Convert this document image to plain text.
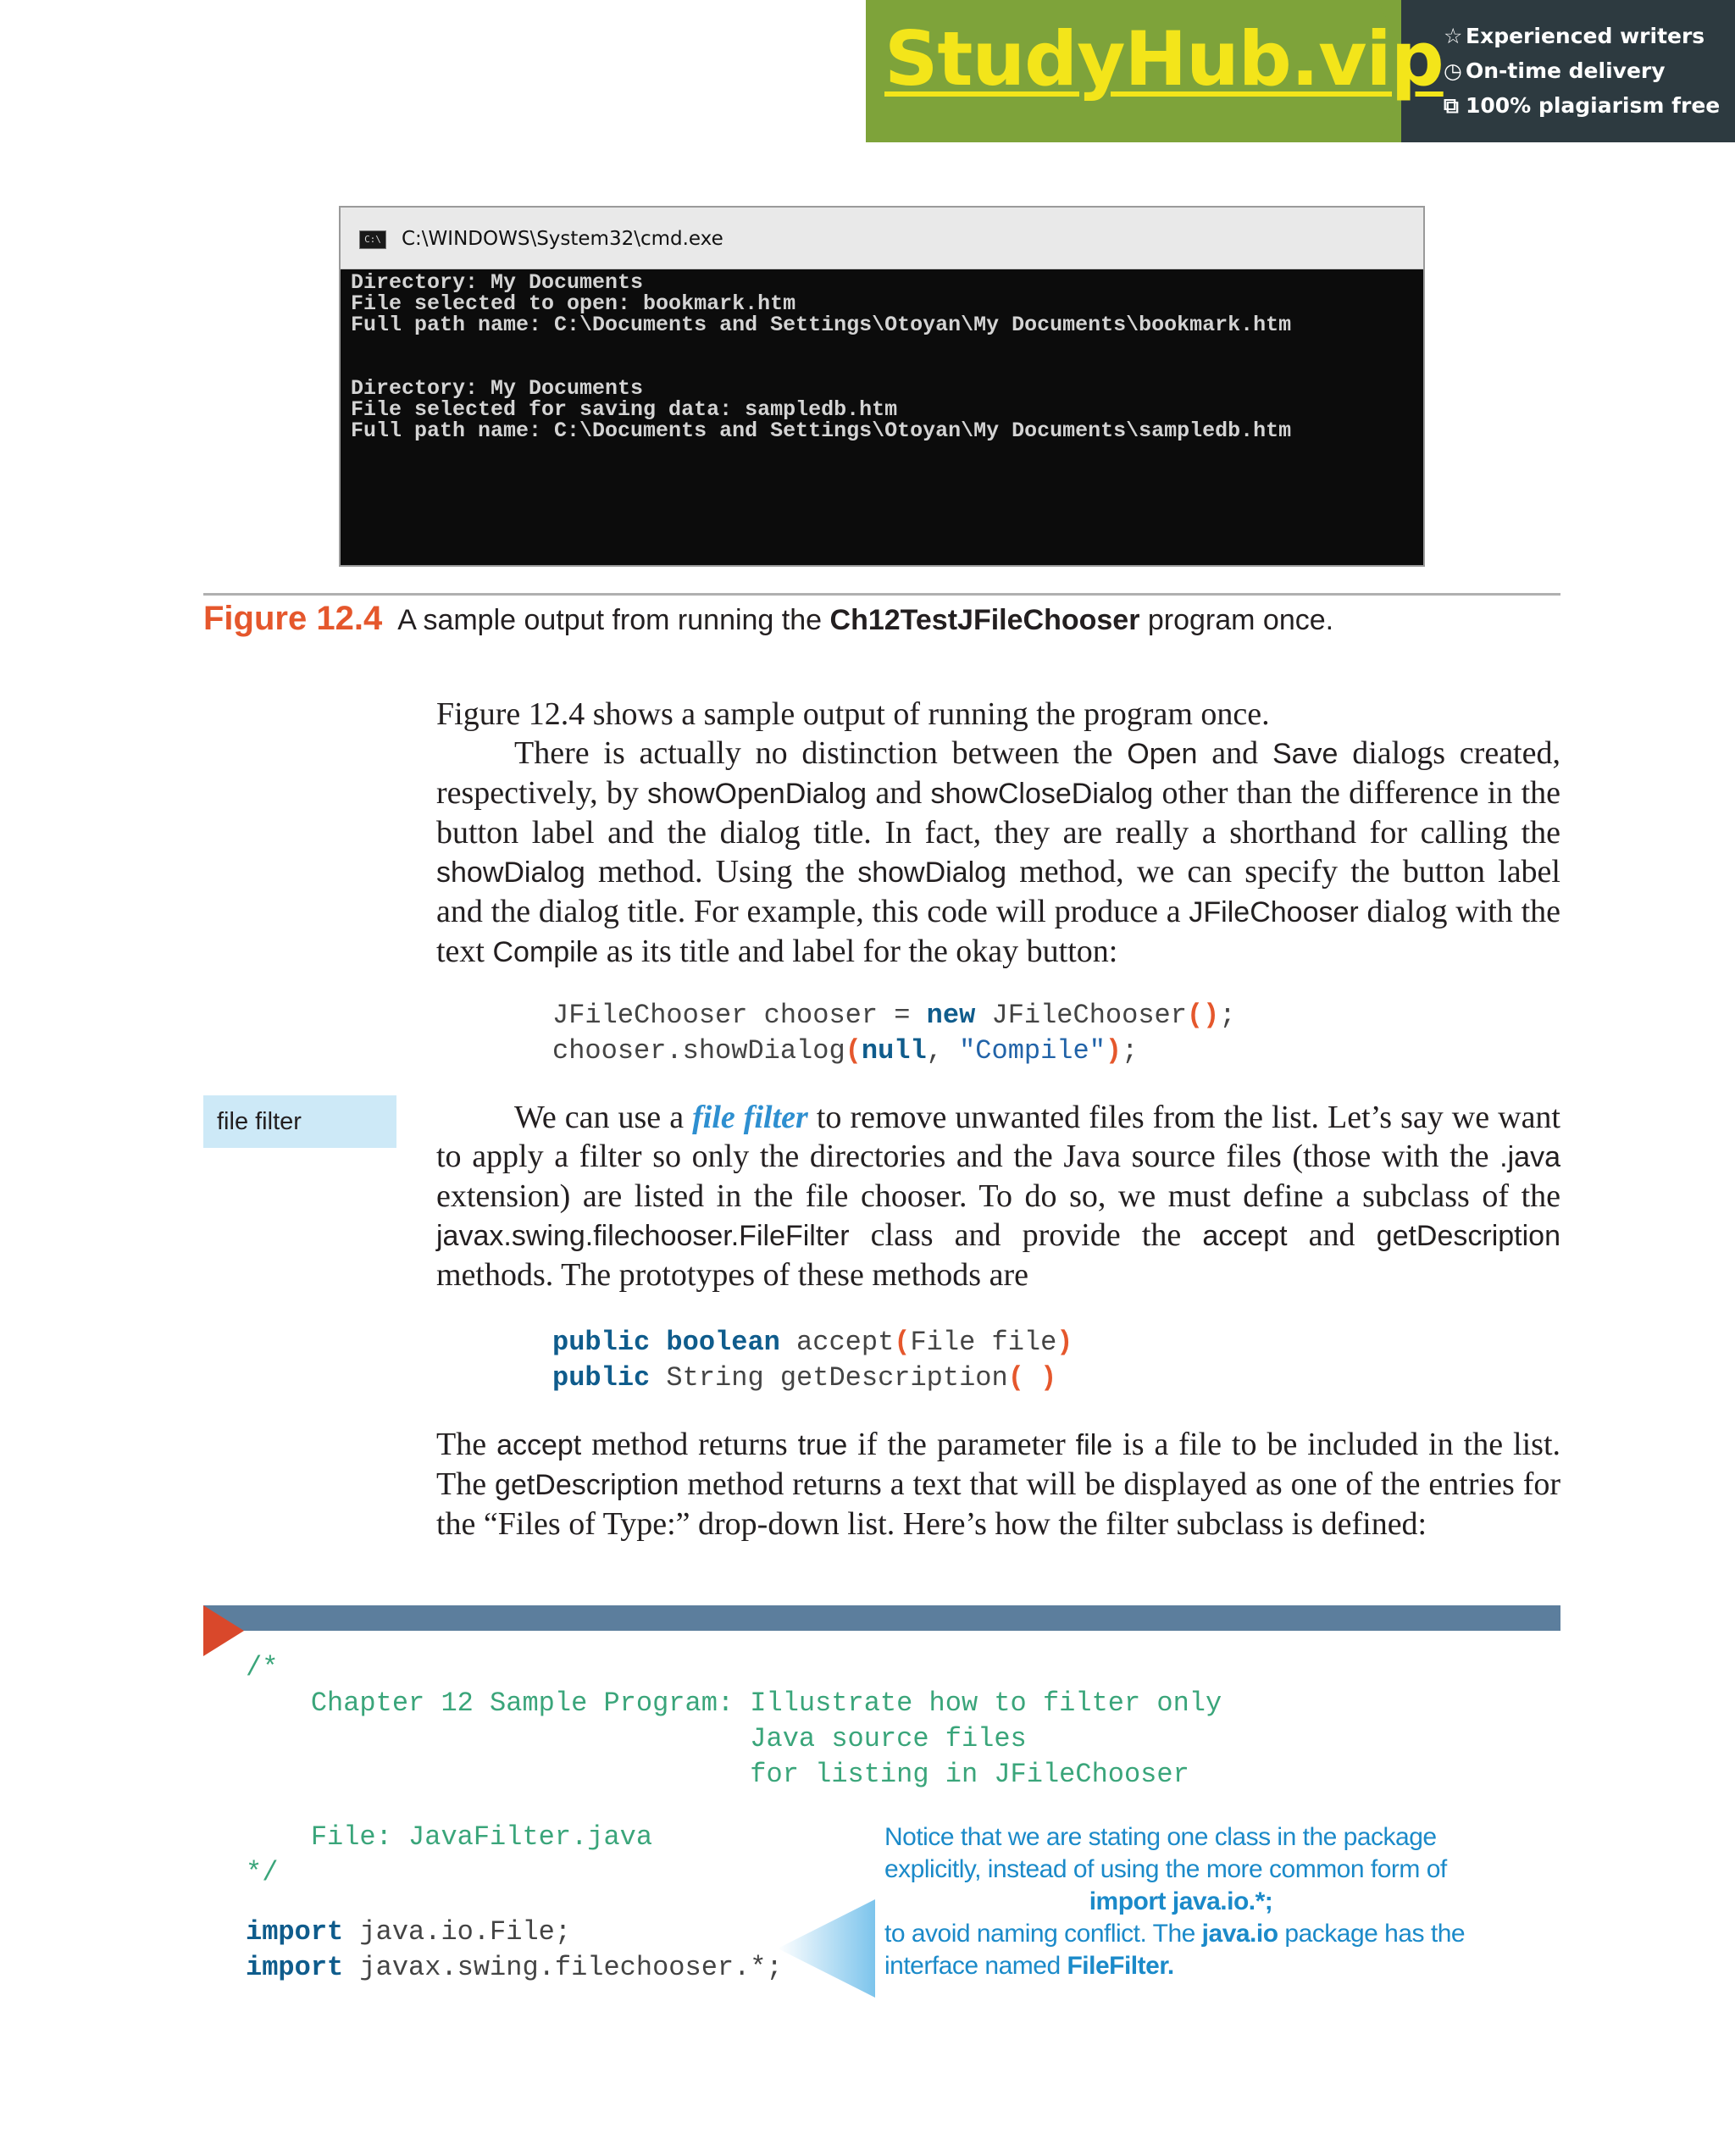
StudyHub.vip ☆ Experienced writers
◷ On-time delivery
⧉ 100% plagiarism free
C:\ C:\WINDOWS\System32\cmd.exe
Directory: My Documents
File selected to open: bookmark.htm
Full path name: C:\Documents and Settings\Otoyan\My Documents\bookmark.htm

Directory: My Documents
File selected for saving data: sampledb.htm
Full path name: C:\Documents and Settings\Otoyan\My Documents\sampledb.htm
Figure 12.4 A sample output from running the Ch12TestJFileChooser program once.
Figure 12.4 shows a sample output of running the program once.
There is actually no distinction between the Open and Save dialogs created, respectively, by showOpenDialog and showCloseDialog other than the difference in the button label and the dialog title. In fact, they are really a shorthand for calling the showDialog method. Using the showDialog method, we can specify the button label and the dialog title. For example, this code will produce a JFileChooser dialog with the text Compile as its title and label for the okay button:
JFileChooser chooser = new JFileChooser();
chooser.showDialog(null, "Compile");
file filter	We can use a file filter to remove unwanted files from the list. Let’s say we want to apply a filter so only the directories and the Java source files (those with the .java extension) are listed in the file chooser. To do so, we must define a subclass of the javax.swing.filechooser.FileFilter class and provide the accept and getDescription methods. The prototypes of these methods are
public boolean accept(File file)
public String getDescription( )
The accept method returns true if the parameter file is a file to be included in the list. The getDescription method returns a text that will be displayed as one of the entries for the “Files of Type:” drop-down list. Here’s how the filter subclass is defined:
/*
Chapter 12 Sample Program: Illustrate how to filter only
Java source files
for listing in JFileChooser
File: JavaFilter.java
*/
import java.io.File;
import javax.swing.filechooser.*;
Notice that we are stating one class in the package explicitly, instead of using the more common form of
import java.io.*;
to avoid naming conflict. The java.io package has the interface named FileFilter.
